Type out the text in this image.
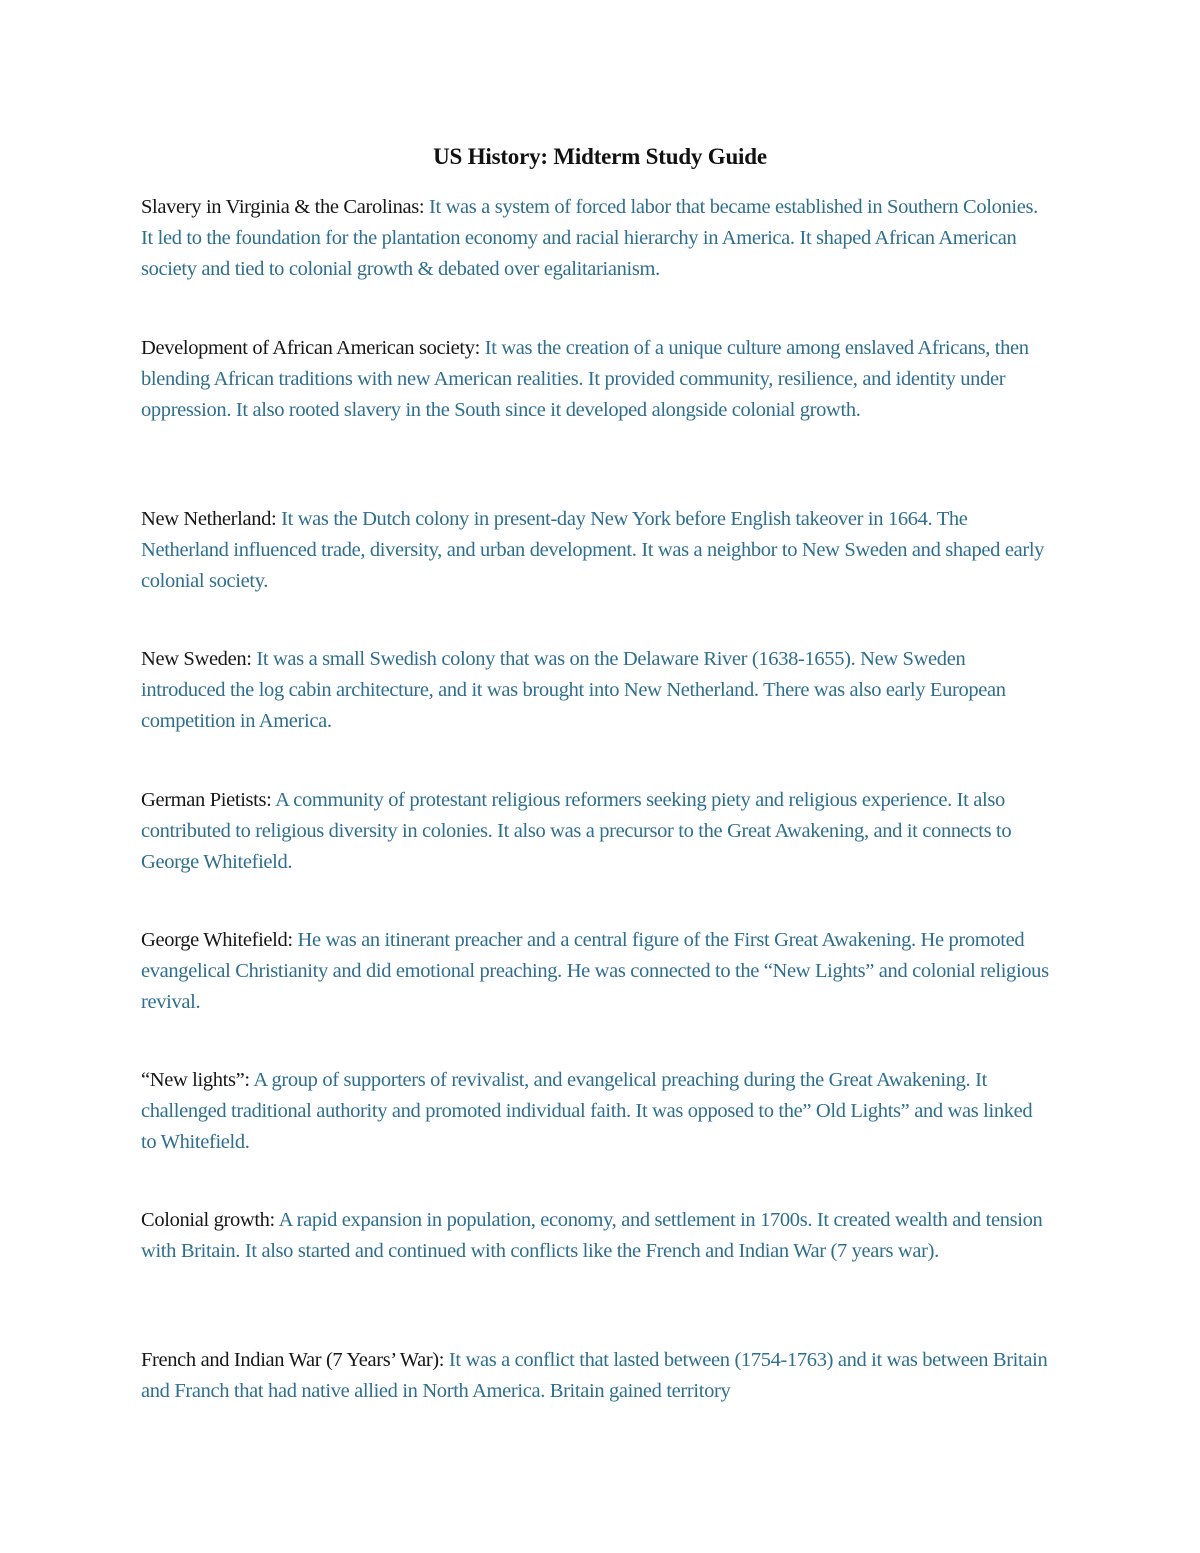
US History: Midterm Study Guide

Slavery in Virginia & the Carolinas: It was a system of forced labor that became established in Southern Colonies. It led to the foundation for the plantation economy and racial hierarchy in America. It shaped African American society and tied to colonial growth & debated over egalitarianism.

Development of African American society: It was the creation of a unique culture among enslaved Africans, then blending African traditions with new American realities. It provided community, resilience, and identity under oppression. It also rooted slavery in the South since it developed alongside colonial growth.

New Netherland: It was the Dutch colony in present-day New York before English takeover in 1664. The Netherland influenced trade, diversity, and urban development. It was a neighbor to New Sweden and shaped early colonial society.

New Sweden: It was a small Swedish colony that was on the Delaware River (1638-1655). New Sweden introduced the log cabin architecture, and it was brought into New Netherland. There was also early European competition in America.

German Pietists: A community of protestant religious reformers seeking piety and religious experience. It also contributed to religious diversity in colonies. It also was a precursor to the Great Awakening, and it connects to George Whitefield.

George Whitefield: He was an itinerant preacher and a central figure of the First Great Awakening. He promoted evangelical Christianity and did emotional preaching. He was connected to the “New Lights” and colonial religious revival.

“New lights”: A group of supporters of revivalist, and evangelical preaching during the Great Awakening. It challenged traditional authority and promoted individual faith. It was opposed to the” Old Lights” and was linked to Whitefield.

Colonial growth: A rapid expansion in population, economy, and settlement in 1700s. It created wealth and tension with Britain. It also started and continued with conflicts like the French and Indian War (7 years war).

French and Indian War (7 Years’ War): It was a conflict that lasted between (1754-1763) and it was between Britain and Franch that had native allied in North America. Britain gained territory
